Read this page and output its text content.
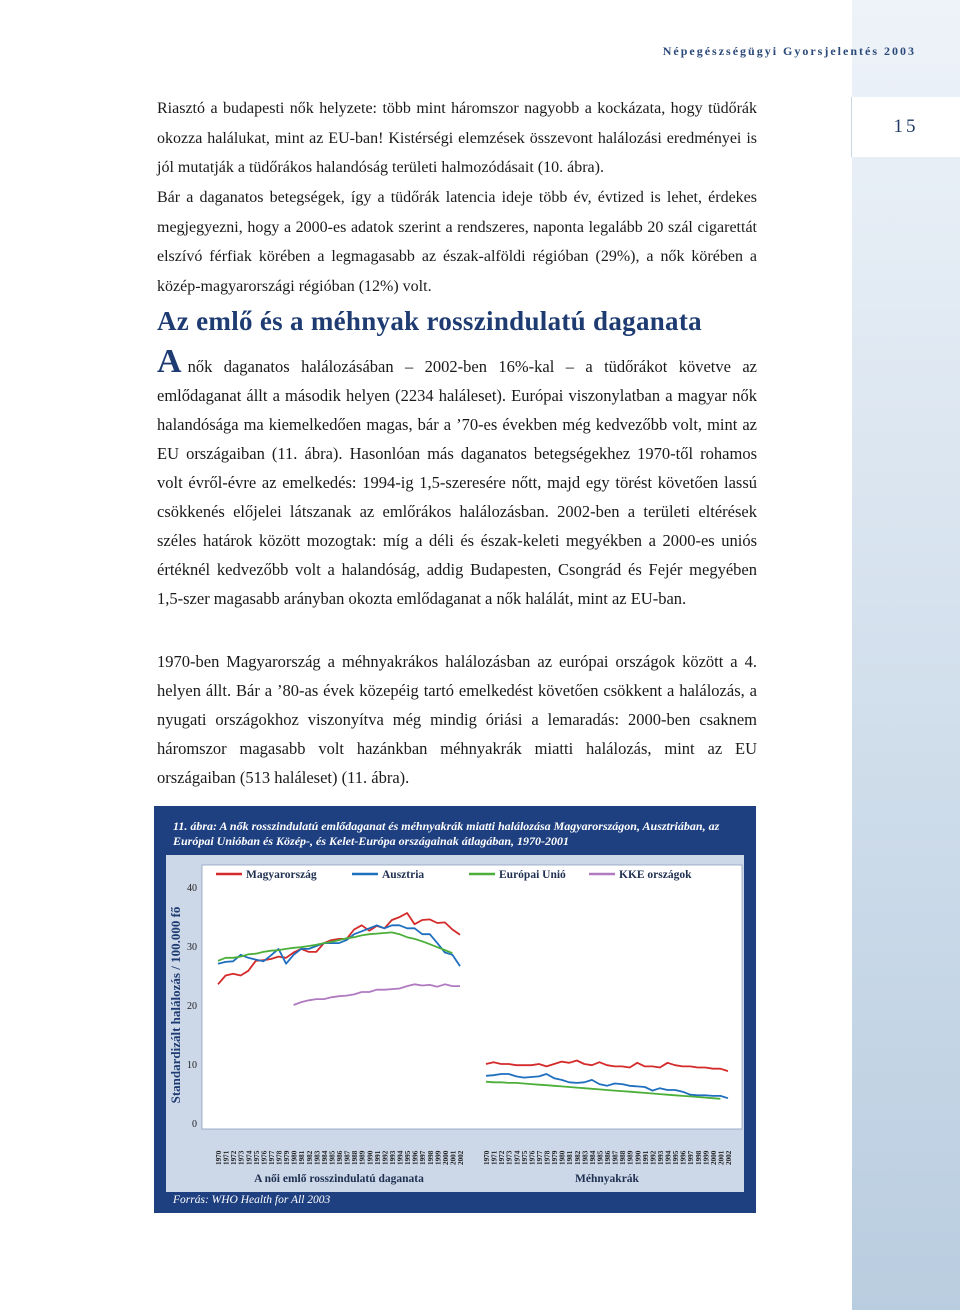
Népegészségügyi Gyorsjelentés 2003
15
Riasztó a budapesti nők helyzete: több mint háromszor nagyobb a kockázata, hogy tüdőrák okozza halálukat, mint az EU-ban! Kistérségi elemzések összevont halálozási eredményei is jól mutatják a tüdőrákos halandóság területi halmozódásait (10. ábra).
Bár a daganatos betegségek, így a tüdőrák latencia ideje több év, évtized is lehet, érdekes megjegyezni, hogy a 2000-es adatok szerint a rendszeres, naponta legalább 20 szál cigarettát elszívó férfiak körében a legmagasabb az észak-alföldi régióban (29%), a nők körében a közép-magyarországi régióban (12%) volt.
Az emlő és a méhnyak rosszindulatú daganata
Anők daganatos halálozásában – 2002-ben 16%-kal – a tüdőrákot követve az emlődaganat állt a második helyen (2234 haláleset). Európai viszonylatban a magyar nők halandósága ma kiemelkedően magas, bár a ’70-es években még kedvezőbb volt, mint az EU országaiban (11. ábra). Hasonlóan más daganatos betegségekhez 1970-től rohamos volt évről-évre az emelkedés: 1994-ig 1,5-szeresére nőtt, majd egy törést követően lassú csökkenés előjelei látszanak az emlőrákos halálozásban. 2002-ben a területi eltérések széles határok között mozogtak: míg a déli és észak-keleti megyékben a 2000-es uniós értéknél kedvezőbb volt a halandóság, addig Budapesten, Csongrád és Fejér megyében 1,5-szer magasabb arányban okozta emlődaganat a nők halálát, mint az EU-ban.
1970-ben Magyarország a méhnyakrákos halálozásban az európai országok között a 4. helyen állt. Bár a ’80-as évek közepéig tartó emelkedést követően csökkent a halálozás, a nyugati országokhoz viszonyítva még mindig óriási a lemaradás: 2000-ben csaknem háromszor magasabb volt hazánkban méhnyakrák miatti halálozás, mint az EU országaiban (513 haláleset) (11. ábra).
11. ábra: A nők rosszindulatú emlődaganat és méhnyakrák miatti halálozása Magyarországon, Ausztriában, az Európai Unióban és Közép-, és Kelet-Európa országainak átlagában, 1970-2001
0
10
20
30
40
Standardizált halálozás / 100.000 fő
Magyarország	Ausztria	Európai Unió	KKE országok
1970 1971 1972 1973 1974 1975 1976 1977 1978 1979 1980 1981 1982 1983 1984 1985 1986 1987 1988 1989 1990 1991 1992 1993 1994 1995 1996 1997 1998 1999 2000 2001 2002
A női emlő rosszindulatú daganata
1970 1971 1972 1973 1974 1975 1976 1977 1978 1979 1980 1981 1982 1983 1984 1985 1986 1987 1988 1989 1990 1991 1992 1993 1994 1995 1996 1997 1998 1999 2000 2001 2002
Méhnyakrák
Forrás: WHO Health for All 2003
